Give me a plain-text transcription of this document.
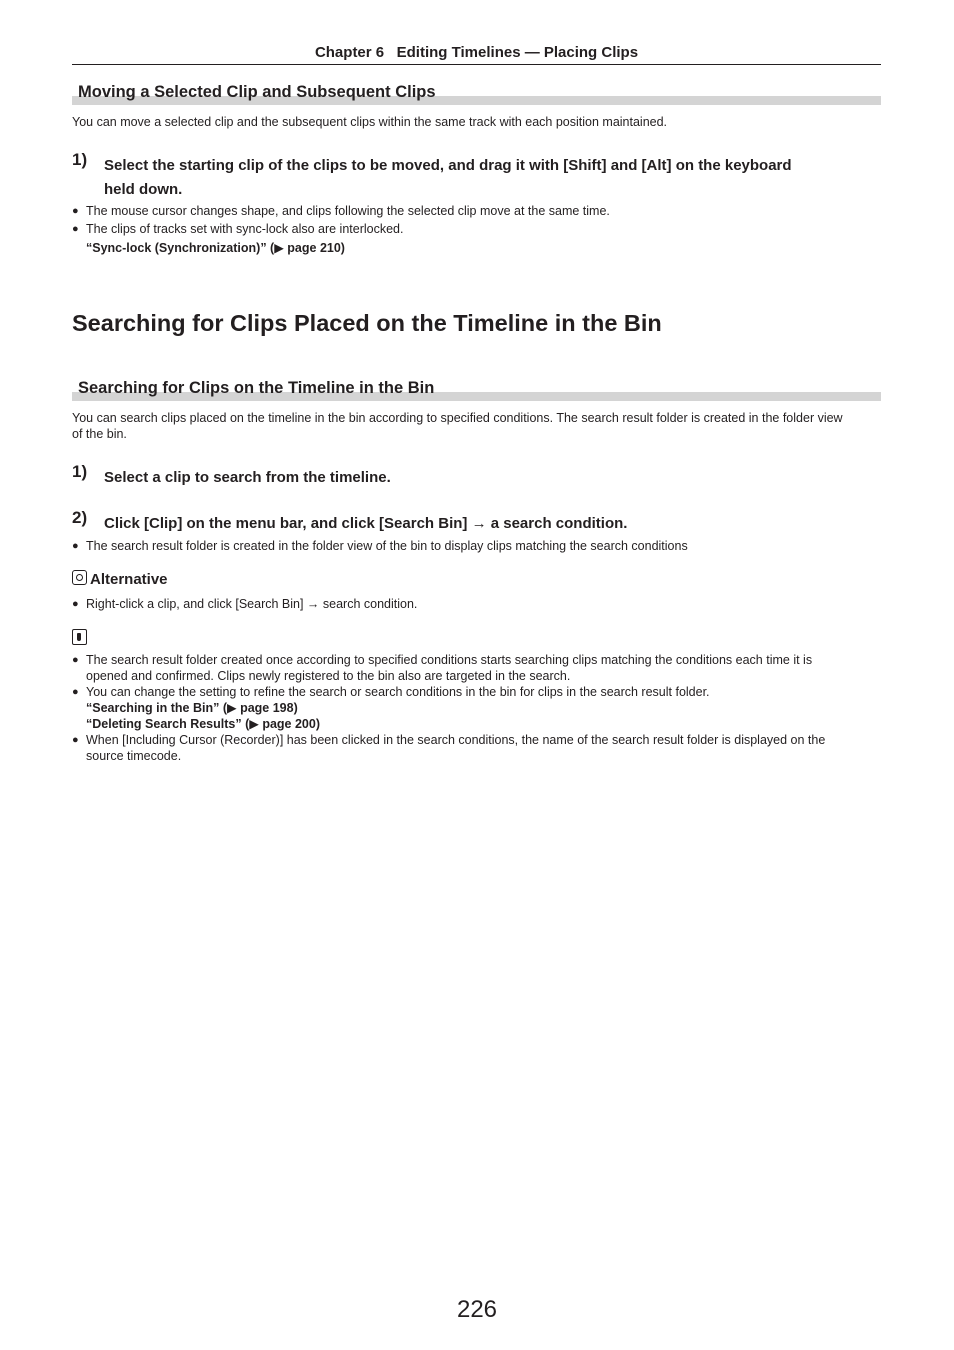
Chapter 6   Editing Timelines — Placing Clips
Moving a Selected Clip and Subsequent Clips
You can move a selected clip and the subsequent clips within the same track with each position maintained.
1) Select the starting clip of the clips to be moved, and drag it with [Shift] and [Alt] on the keyboard
held down.
● The mouse cursor changes shape, and clips following the selected clip move at the same time.
● The clips of tracks set with sync-lock also are interlocked.
“Sync-lock (Synchronization)” (▶ page 210)
Searching for Clips Placed on the Timeline in the Bin
Searching for Clips on the Timeline in the Bin
You can search clips placed on the timeline in the bin according to specified conditions. The search result folder is created in the folder view
of the bin.
1) Select a clip to search from the timeline.
2) Click [Clip] on the menu bar, and click [Search Bin] → a search condition.
● The search result folder is created in the folder view of the bin to display clips matching the search conditions
Alternative
● Right-click a clip, and click [Search Bin] → search condition.
● The search result folder created once according to specified conditions starts searching clips matching the conditions each time it is
opened and confirmed. Clips newly registered to the bin also are targeted in the search.
● You can change the setting to refine the search or search conditions in the bin for clips in the search result folder.
“Searching in the Bin” (▶ page 198)
“Deleting Search Results” (▶ page 200)
● When [Including Cursor (Recorder)] has been clicked in the search conditions, the name of the search result folder is displayed on the
source timecode.
226
